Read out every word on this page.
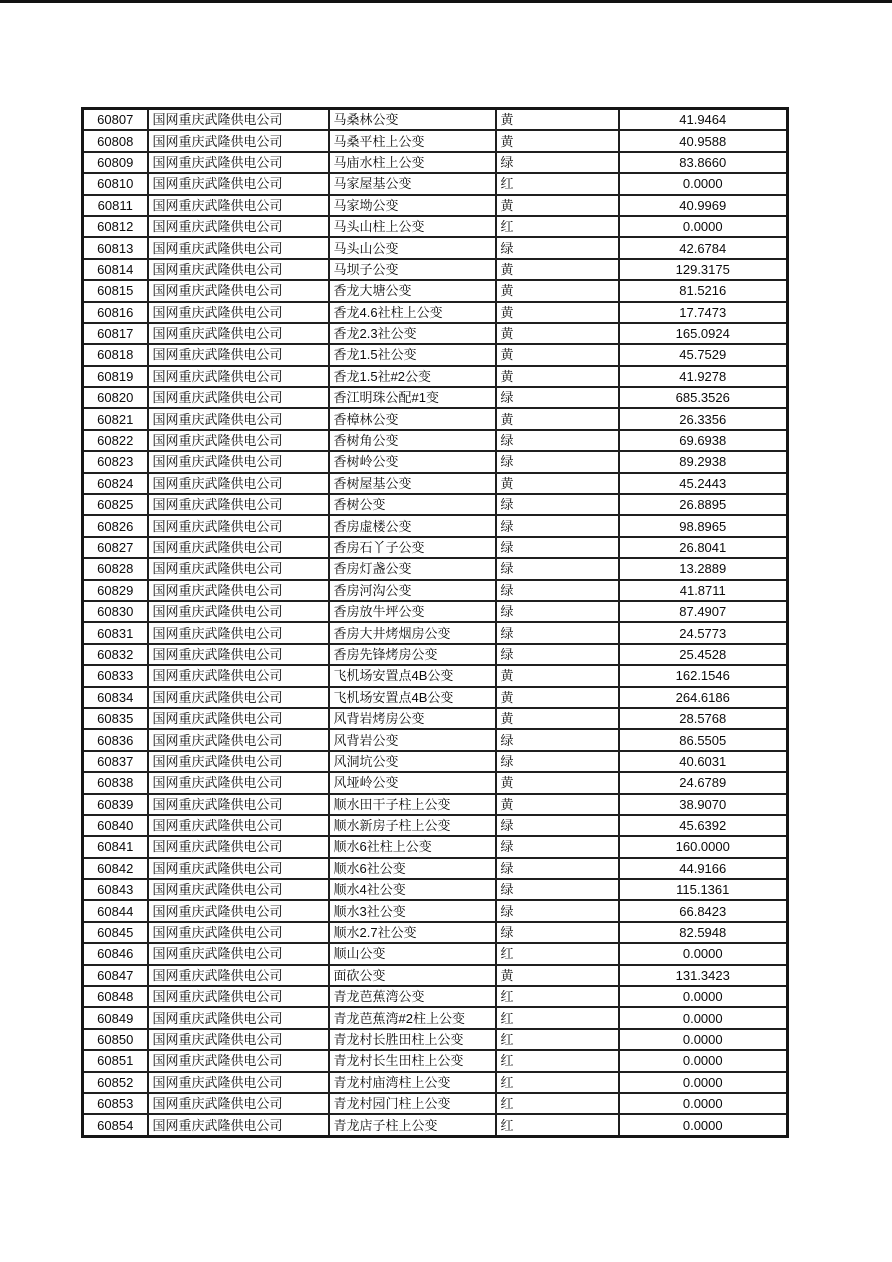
60807	国网重庆武隆供电公司	马桑林公变	黄	41.9464
60808	国网重庆武隆供电公司	马桑平柱上公变	黄	40.9588
60809	国网重庆武隆供电公司	马庙水柱上公变	绿	83.8660
60810	国网重庆武隆供电公司	马家屋基公变	红	0.0000
60811	国网重庆武隆供电公司	马家坳公变	黄	40.9969
60812	国网重庆武隆供电公司	马头山柱上公变	红	0.0000
60813	国网重庆武隆供电公司	马头山公变	绿	42.6784
60814	国网重庆武隆供电公司	马坝子公变	黄	129.3175
60815	国网重庆武隆供电公司	香龙大塘公变	黄	81.5216
60816	国网重庆武隆供电公司	香龙4.6社柱上公变	黄	17.7473
60817	国网重庆武隆供电公司	香龙2.3社公变	黄	165.0924
60818	国网重庆武隆供电公司	香龙1.5社公变	黄	45.7529
60819	国网重庆武隆供电公司	香龙1.5社#2公变	黄	41.9278
60820	国网重庆武隆供电公司	香江明珠公配#1变	绿	685.3526
60821	国网重庆武隆供电公司	香樟林公变	黄	26.3356
60822	国网重庆武隆供电公司	香树角公变	绿	69.6938
60823	国网重庆武隆供电公司	香树岭公变	绿	89.2938
60824	国网重庆武隆供电公司	香树屋基公变	黄	45.2443
60825	国网重庆武隆供电公司	香树公变	绿	26.8895
60826	国网重庆武隆供电公司	香房虚楼公变	绿	98.8965
60827	国网重庆武隆供电公司	香房石丫子公变	绿	26.8041
60828	国网重庆武隆供电公司	香房灯盏公变	绿	13.2889
60829	国网重庆武隆供电公司	香房河沟公变	绿	41.8711
60830	国网重庆武隆供电公司	香房放牛坪公变	绿	87.4907
60831	国网重庆武隆供电公司	香房大井烤烟房公变	绿	24.5773
60832	国网重庆武隆供电公司	香房先锋烤房公变	绿	25.4528
60833	国网重庆武隆供电公司	飞机场安置点4B公变	黄	162.1546
60834	国网重庆武隆供电公司	飞机场安置点4B公变	黄	264.6186
60835	国网重庆武隆供电公司	风背岩烤房公变	黄	28.5768
60836	国网重庆武隆供电公司	风背岩公变	绿	86.5505
60837	国网重庆武隆供电公司	风洞坑公变	绿	40.6031
60838	国网重庆武隆供电公司	风垭岭公变	黄	24.6789
60839	国网重庆武隆供电公司	顺水田干子柱上公变	黄	38.9070
60840	国网重庆武隆供电公司	顺水新房子柱上公变	绿	45.6392
60841	国网重庆武隆供电公司	顺水6社柱上公变	绿	160.0000
60842	国网重庆武隆供电公司	顺水6社公变	绿	44.9166
60843	国网重庆武隆供电公司	顺水4社公变	绿	115.1361
60844	国网重庆武隆供电公司	顺水3社公变	绿	66.8423
60845	国网重庆武隆供电公司	顺水2.7社公变	绿	82.5948
60846	国网重庆武隆供电公司	顺山公变	红	0.0000
60847	国网重庆武隆供电公司	面砍公变	黄	131.3423
60848	国网重庆武隆供电公司	青龙芭蕉湾公变	红	0.0000
60849	国网重庆武隆供电公司	青龙芭蕉湾#2柱上公变	红	0.0000
60850	国网重庆武隆供电公司	青龙村长胜田柱上公变	红	0.0000
60851	国网重庆武隆供电公司	青龙村长生田柱上公变	红	0.0000
60852	国网重庆武隆供电公司	青龙村庙湾柱上公变	红	0.0000
60853	国网重庆武隆供电公司	青龙村园门柱上公变	红	0.0000
60854	国网重庆武隆供电公司	青龙店子柱上公变	红	0.0000
